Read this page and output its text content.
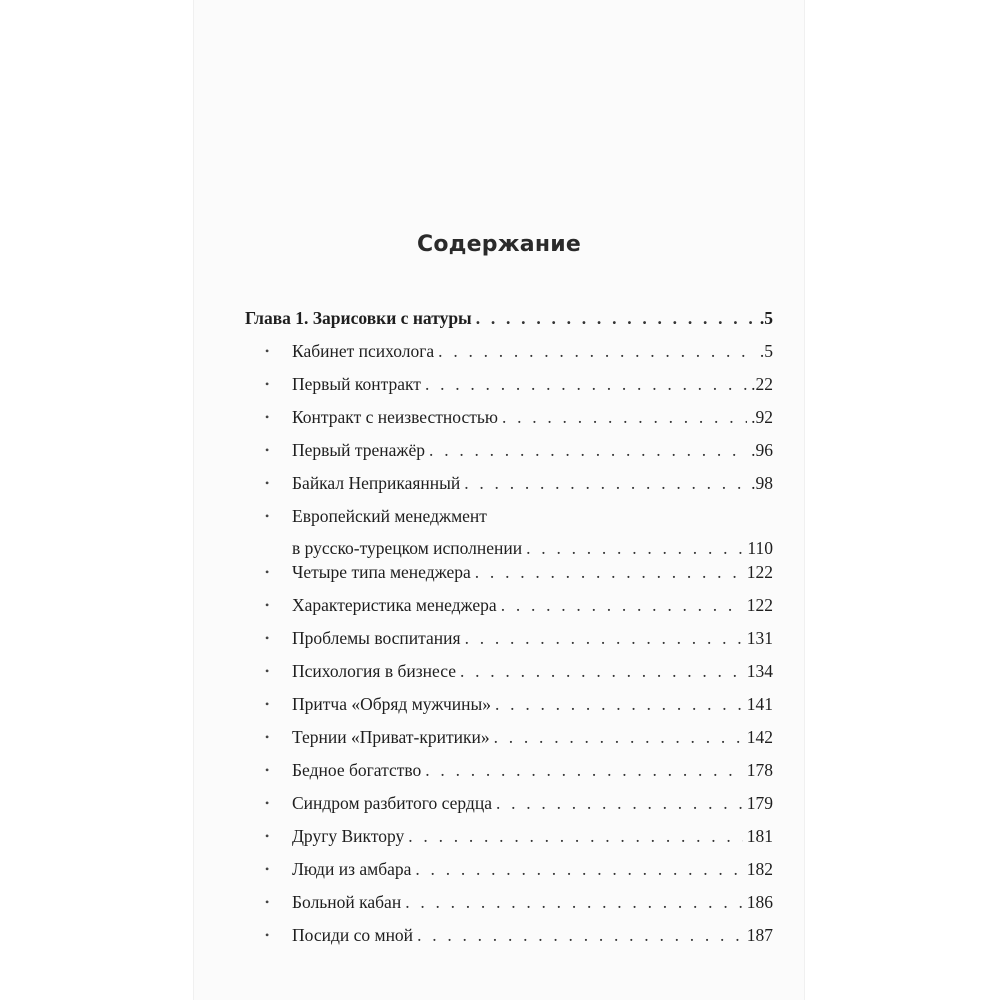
Содержание
Глава 1. Зарисовки с натуры . . .	.5
• Кабинет психолога . . .	.5
• Первый контракт . . .	.22
• Контракт с неизвестностью . . .	.92
• Первый тренажёр . . .	.96
• Байкал Неприкаянный . . .	.98
• Европейский менеджмент
в русско-турецком исполнении . . .	110
• Четыре типа менеджера . . .	122
• Характеристика менеджера . . .	122
• Проблемы воспитания . . .	131
• Психология в бизнесе . . .	134
• Притча «Обряд мужчины» . . .	141
• Тернии «Приват-критики» . . .	142
• Бедное богатство . . .	178
• Синдром разбитого сердца . . .	179
• Другу Виктору . . .	181
• Люди из амбара . . .	182
• Больной кабан . . .	186
• Посиди со мной . . .	187
